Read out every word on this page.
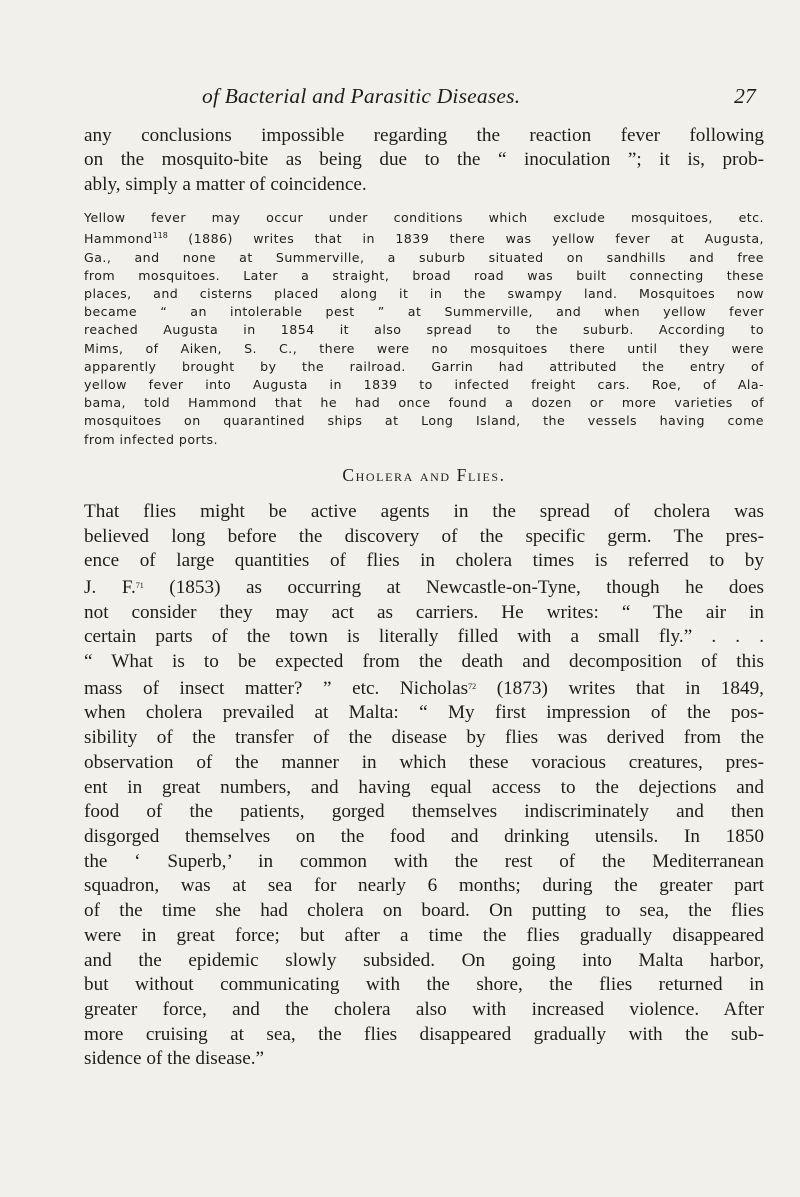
of Bacterial and Parasitic Diseases.	27

any conclusions impossible regarding the reaction fever following
on the mosquito-bite as being due to the “ inoculation ”; it is, prob-
ably, simply a matter of coincidence.

Yellow fever may occur under conditions which exclude mosquitoes, etc.
Hammond$^{118}$ (1886) writes that in 1839 there was yellow fever at Augusta,
Ga., and none at Summerville, a suburb situated on sandhills and free
from mosquitoes. Later a straight, broad road was built connecting these
places, and cisterns placed along it in the swampy land. Mosquitoes now
became “ an intolerable pest ” at Summerville, and when yellow fever
reached Augusta in 1854 it also spread to the suburb. According to
Mims, of Aiken, S. C., there were no mosquitoes there until they were
apparently brought by the railroad. Garrin had attributed the entry of
yellow fever into Augusta in 1839 to infected freight cars. Roe, of Ala-
bama, told Hammond that he had once found a dozen or more varieties of
mosquitoes on quarantined ships at Long Island, the vessels having come
from infected ports.
Cholera and Flies.

That flies might be active agents in the spread of cholera was
believed long before the discovery of the specific germ. The pres-
ence of large quantities of flies in cholera times is referred to by
J. F.$^{71}$ (1853) as occurring at Newcastle-on-Tyne, though he does
not consider they may act as carriers. He writes: “ The air in
certain parts of the town is literally filled with a small fly.” . . .
“ What is to be expected from the death and decomposition of this
mass of insect matter? ” etc. Nicholas$^{72}$ (1873) writes that in 1849,
when cholera prevailed at Malta: “ My first impression of the pos-
sibility of the transfer of the disease by flies was derived from the
observation of the manner in which these voracious creatures, pres-
ent in great numbers, and having equal access to the dejections and
food of the patients, gorged themselves indiscriminately and then
disgorged themselves on the food and drinking utensils. In 1850
the ‘ Superb,’ in common with the rest of the Mediterranean
squadron, was at sea for nearly 6 months; during the greater part
of the time she had cholera on board. On putting to sea, the flies
were in great force; but after a time the flies gradually disappeared
and the epidemic slowly subsided. On going into Malta harbor,
but without communicating with the shore, the flies returned in
greater force, and the cholera also with increased violence. After
more cruising at sea, the flies disappeared gradually with the sub-
sidence of the disease.”
